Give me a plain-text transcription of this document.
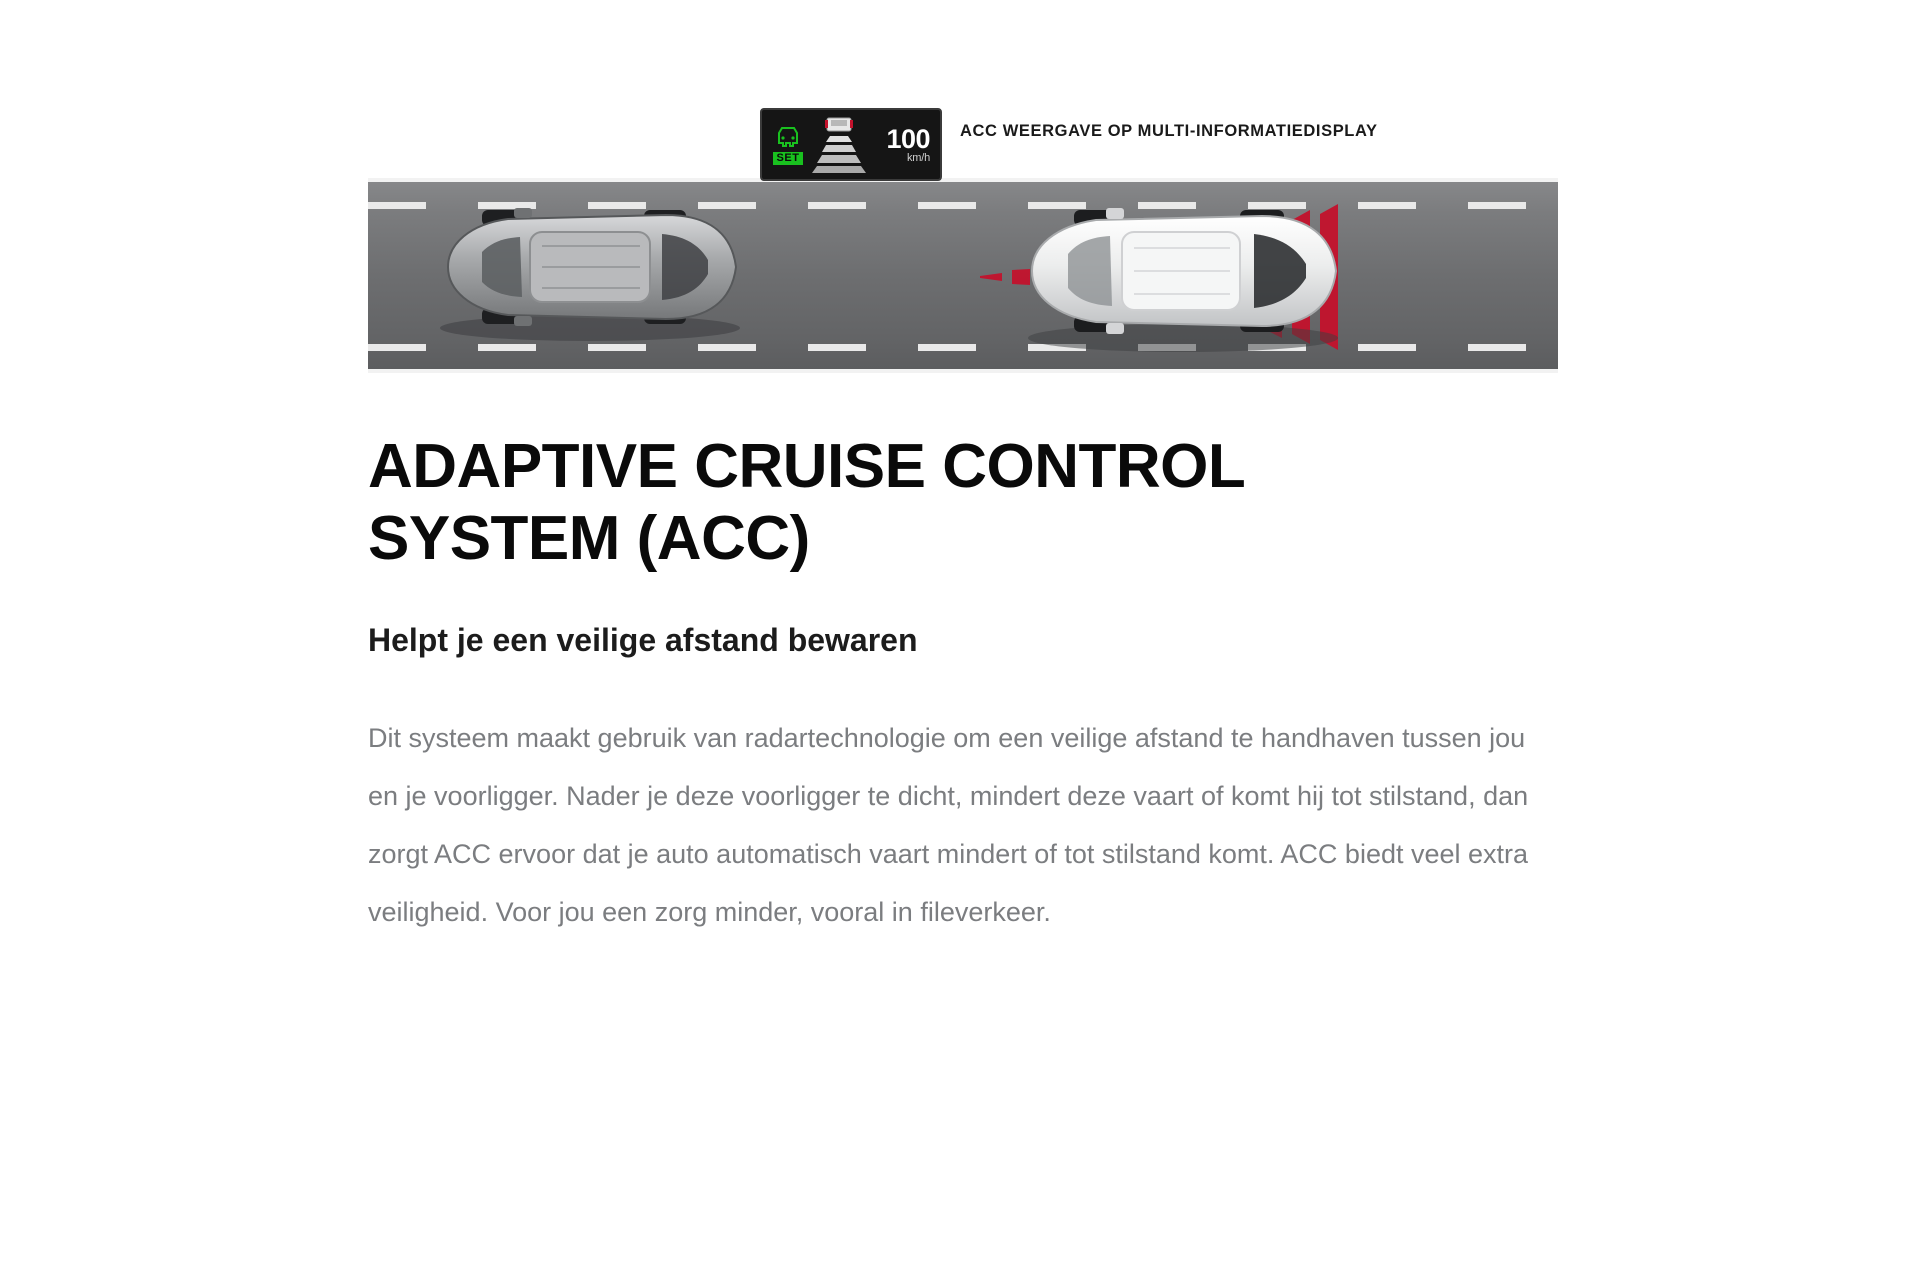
SET
100
km/h
ACC WEERGAVE OP MULTI-INFORMATIEDISPLAY
ADAPTIVE CRUISE CONTROL SYSTEM (ACC)
Helpt je een veilige afstand bewaren

Dit systeem maakt gebruik van radartechnologie om een veilige afstand te handhaven tussen jou en je voorligger. Nader je deze voorligger te dicht, mindert deze vaart of komt hij tot stilstand, dan zorgt ACC ervoor dat je auto automatisch vaart mindert of tot stilstand komt. ACC biedt veel extra veiligheid. Voor jou een zorg minder, vooral in fileverkeer.
